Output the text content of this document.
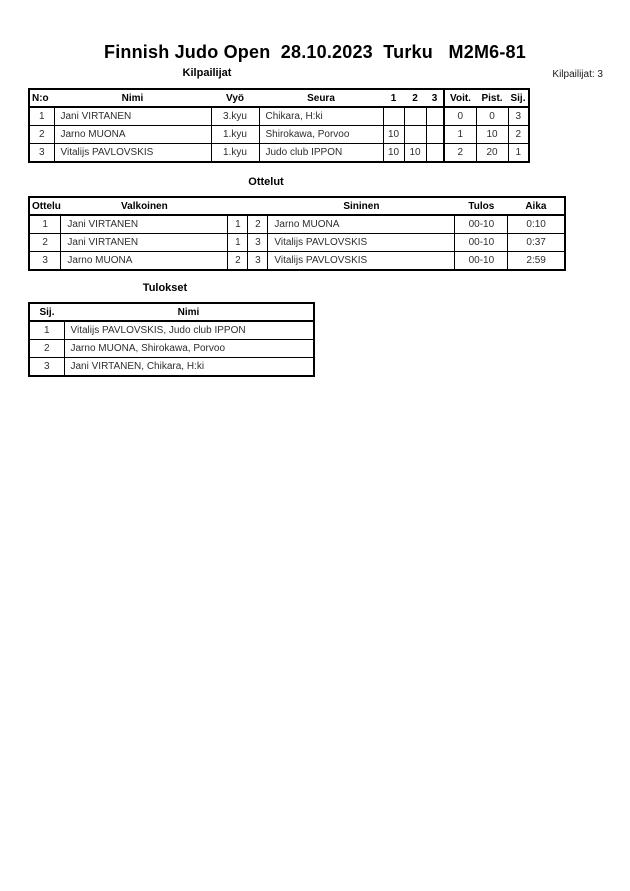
Finnish Judo Open  28.10.2023  Turku   M2M6-81
Kilpailijat	Kilpailijat: 3
N:o	Nimi	Vyö	Seura	1	2	3	Voit.	Pist.	Sij.
1	Jani VIRTANEN	3.kyu	Chikara, H:ki				0	0	3
2	Jarno MUONA	1.kyu	Shirokawa, Porvoo	10			1	10	2
3	Vitalijs PAVLOVSKIS	1.kyu	Judo club IPPON	10	10		2	20	1
Ottelut
Ottelu	Valkoinen			Sininen	Tulos	Aika
1	Jani VIRTANEN	1	2	Jarno MUONA	00-10	0:10
2	Jani VIRTANEN	1	3	Vitalijs PAVLOVSKIS	00-10	0:37
3	Jarno MUONA	2	3	Vitalijs PAVLOVSKIS	00-10	2:59
Tulokset
Sij.	Nimi
1	Vitalijs PAVLOVSKIS, Judo club IPPON
2	Jarno MUONA, Shirokawa, Porvoo
3	Jani VIRTANEN, Chikara, H:ki
